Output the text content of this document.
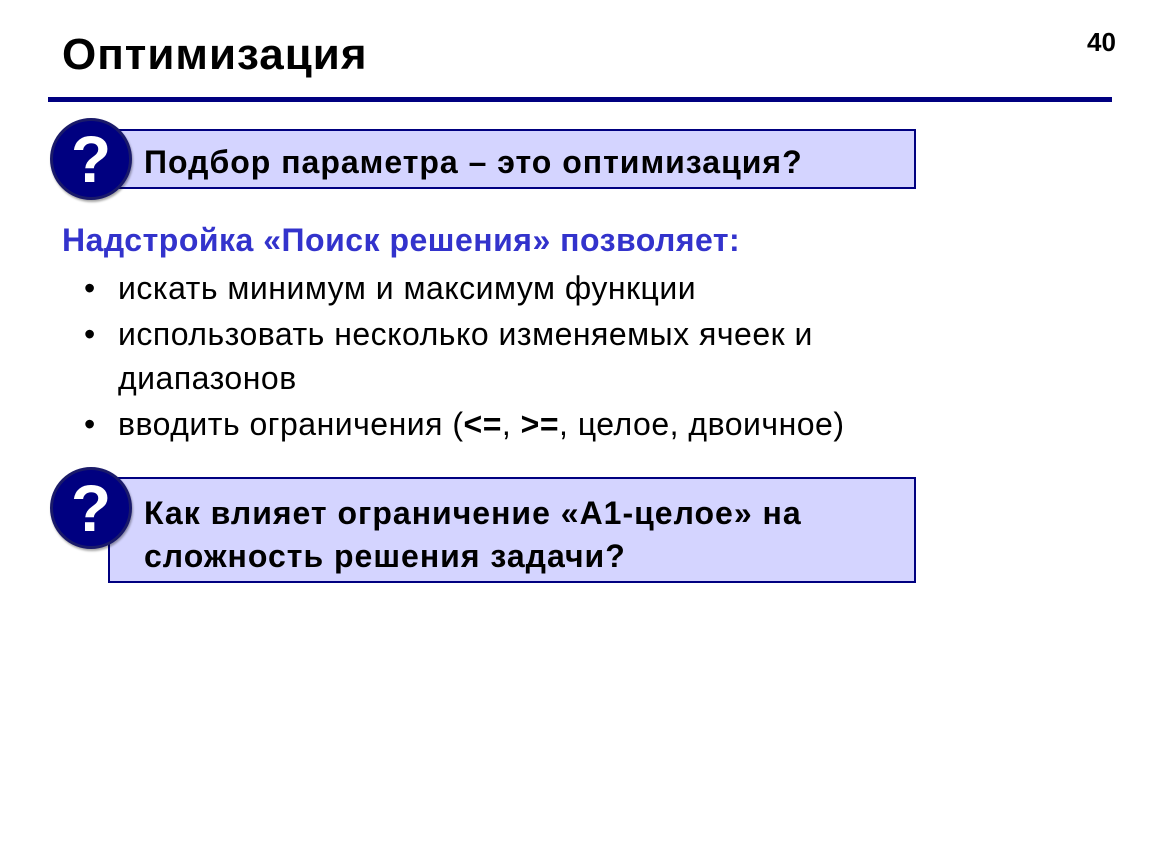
Оптимизация	40
Подбор параметра – это оптимизация?
?
Надстройка «Поиск решения» позволяет:
• искать минимум и максимум функции
• использовать несколько изменяемых ячеек и диапазонов
• вводить ограничения (<=, >=, целое, двоичное)
Как влияет ограничение «A1-целое» на
сложность решения задачи?
?
